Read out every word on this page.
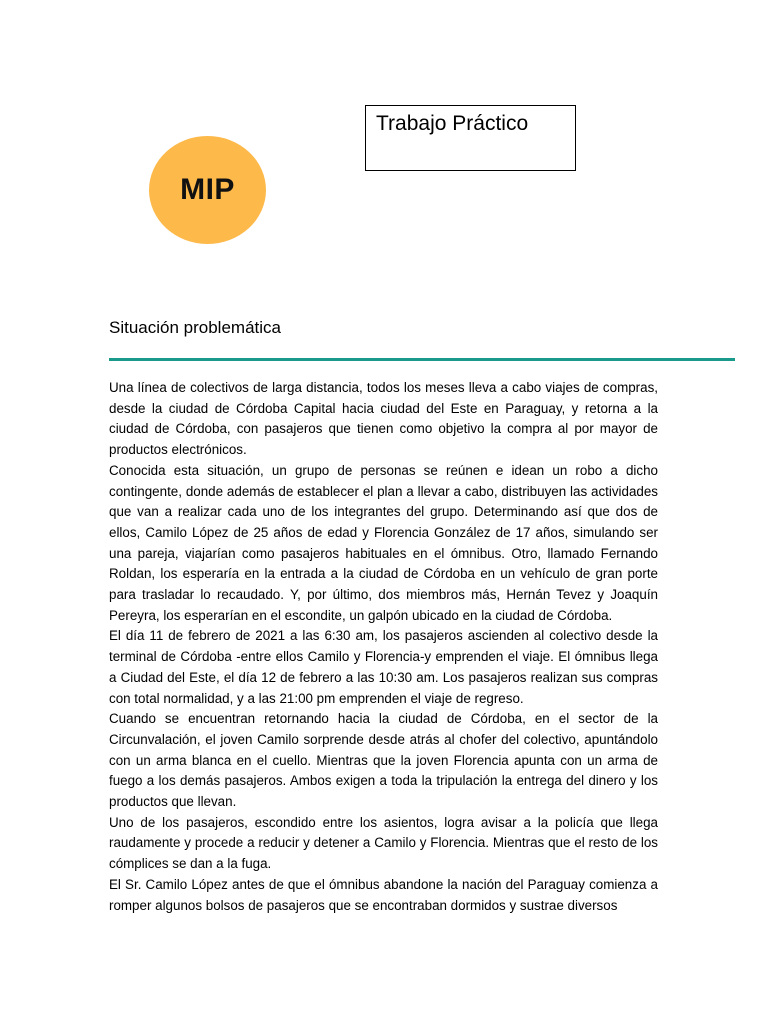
MIP
Trabajo Práctico
Situación problemática

Una línea de colectivos de larga distancia, todos los meses lleva a cabo viajes de compras, desde la ciudad de Córdoba Capital hacia ciudad del Este en Paraguay, y retorna a la ciudad de Córdoba, con pasajeros que tienen como objetivo la compra al por mayor de productos electrónicos.

Conocida esta situación, un grupo de personas se reúnen e idean un robo a dicho contingente, donde además de establecer el plan a llevar a cabo, distribuyen las actividades que van a realizar cada uno de los integrantes del grupo. Determinando así que dos de ellos, Camilo López de 25 años de edad y Florencia González de 17 años, simulando ser una pareja, viajarían como pasajeros habituales en el ómnibus. Otro, llamado Fernando Roldan, los esperaría en la entrada a la ciudad de Córdoba en un vehículo de gran porte para trasladar lo recaudado. Y, por último, dos miembros más, Hernán Tevez y Joaquín Pereyra, los esperarían en el escondite, un galpón ubicado en la ciudad de Córdoba.

El día 11 de febrero de 2021 a las 6:30 am, los pasajeros ascienden al colectivo desde la terminal de Córdoba -entre ellos Camilo y Florencia-y emprenden el viaje. El ómnibus llega a Ciudad del Este, el día 12 de febrero a las 10:30 am. Los pasajeros realizan sus compras con total normalidad, y a las 21:00 pm emprenden el viaje de regreso.

Cuando se encuentran retornando hacia la ciudad de Córdoba, en el sector de la Circunvalación, el joven Camilo sorprende desde atrás al chofer del colectivo, apuntándolo con un arma blanca en el cuello. Mientras que la joven Florencia apunta con un arma de fuego a los demás pasajeros. Ambos exigen a toda la tripulación la entrega del dinero y los productos que llevan.

Uno de los pasajeros, escondido entre los asientos, logra avisar a la policía que llega raudamente y procede a reducir y detener a Camilo y Florencia. Mientras que el resto de los cómplices se dan a la fuga.

El Sr. Camilo López antes de que el ómnibus abandone la nación del Paraguay comienza a romper algunos bolsos de pasajeros que se encontraban dormidos y sustrae diversos
